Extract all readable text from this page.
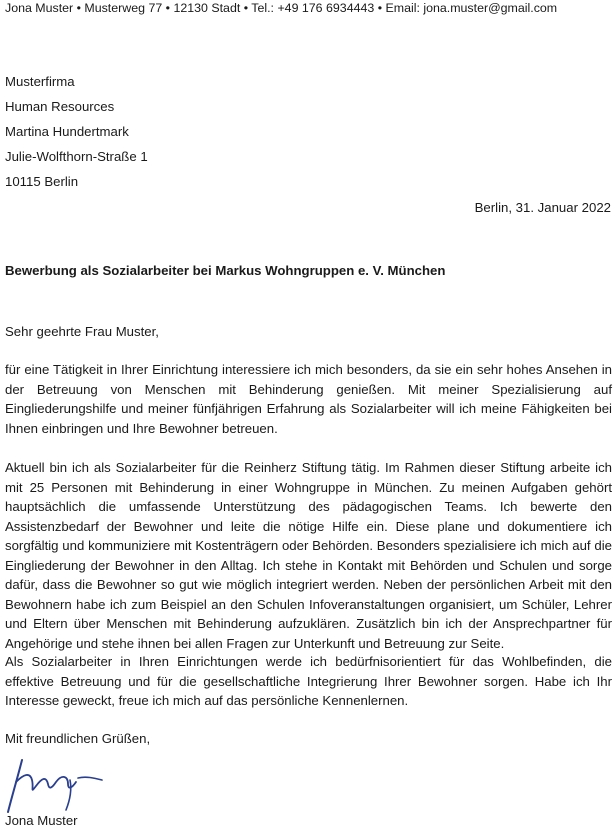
Jona Muster • Musterweg 77 • 12130 Stadt • Tel.: +49 176 6934443 • Email: jona.muster@gmail.com
Musterfirma
Human Resources
Martina Hundertmark
Julie-Wolfthorn-Straße 1
10115 Berlin
Berlin, 31. Januar 2022
Bewerbung als Sozialarbeiter bei Markus Wohngruppen e. V. München
Sehr geehrte Frau Muster,
für eine Tätigkeit in Ihrer Einrichtung interessiere ich mich besonders, da sie ein sehr hohes Ansehen in der Betreuung von Menschen mit Behinderung genießen. Mit meiner Spezialisierung auf Eingliederungshilfe und meiner fünfjährigen Erfahrung als Sozialarbeiter will ich meine Fähigkeiten bei Ihnen einbringen und Ihre Bewohner betreuen.
Aktuell bin ich als Sozialarbeiter für die Reinherz Stiftung tätig. Im Rahmen dieser Stiftung arbeite ich mit 25 Personen mit Behinderung in einer Wohngruppe in München. Zu meinen Aufgaben gehört hauptsächlich die umfassende Unterstützung des pädagogischen Teams. Ich bewerte den Assistenzbedarf der Bewohner und leite die nötige Hilfe ein. Diese plane und dokumentiere ich sorgfältig und kommuniziere mit Kostenträgern oder Behörden. Besonders spezialisiere ich mich auf die Eingliederung der Bewohner in den Alltag. Ich stehe in Kontakt mit Behörden und Schulen und sorge dafür, dass die Bewohner so gut wie möglich integriert werden. Neben der persönlichen Arbeit mit den Bewohnern habe ich zum Beispiel an den Schulen Infoveranstaltungen organisiert, um Schüler, Lehrer und Eltern über Menschen mit Behinderung aufzuklären. Zusätzlich bin ich der Ansprechpartner für Angehörige und stehe ihnen bei allen Fragen zur Unterkunft und Betreuung zur Seite.
Als Sozialarbeiter in Ihren Einrichtungen werde ich bedürfnisorientiert für das Wohlbefinden, die effektive Betreuung und für die gesellschaftliche Integrierung Ihrer Bewohner sorgen. Habe ich Ihr Interesse geweckt, freue ich mich auf das persönliche Kennenlernen.
Mit freundlichen Grüßen,
Jona Muster
